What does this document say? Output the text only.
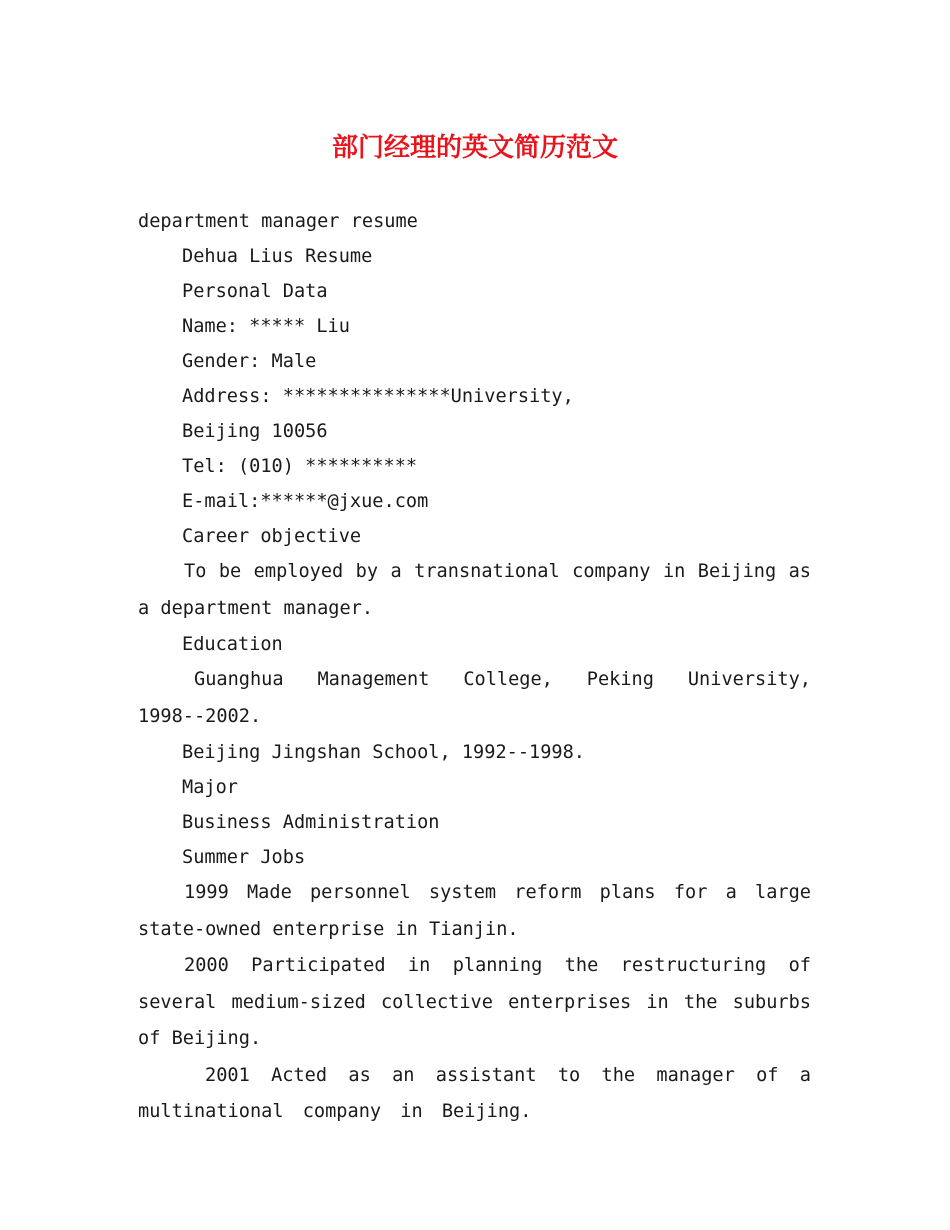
部门经理的英文简历范文

department manager resume

Dehua Lius Resume

Personal Data

Name: ***** Liu

Gender: Male

Address: ***************University,

Beijing 10056

Tel: (010) **********

E-mail:******@jxue.com

Career objective

To be employed by a transnational company in Beijing as a department manager.

Education

Guanghua Management College, Peking University, 1998--2002.

Beijing Jingshan School, 1992--1998.

Major

Business Administration

Summer Jobs

1999 Made personnel system reform plans for a large state-owned enterprise in Tianjin.

2000 Participated in planning the restructuring of several medium-sized collective enterprises in the suburbs of Beijing.

2001 Acted as an assistant to the manager of a multinational company in Beijing.
